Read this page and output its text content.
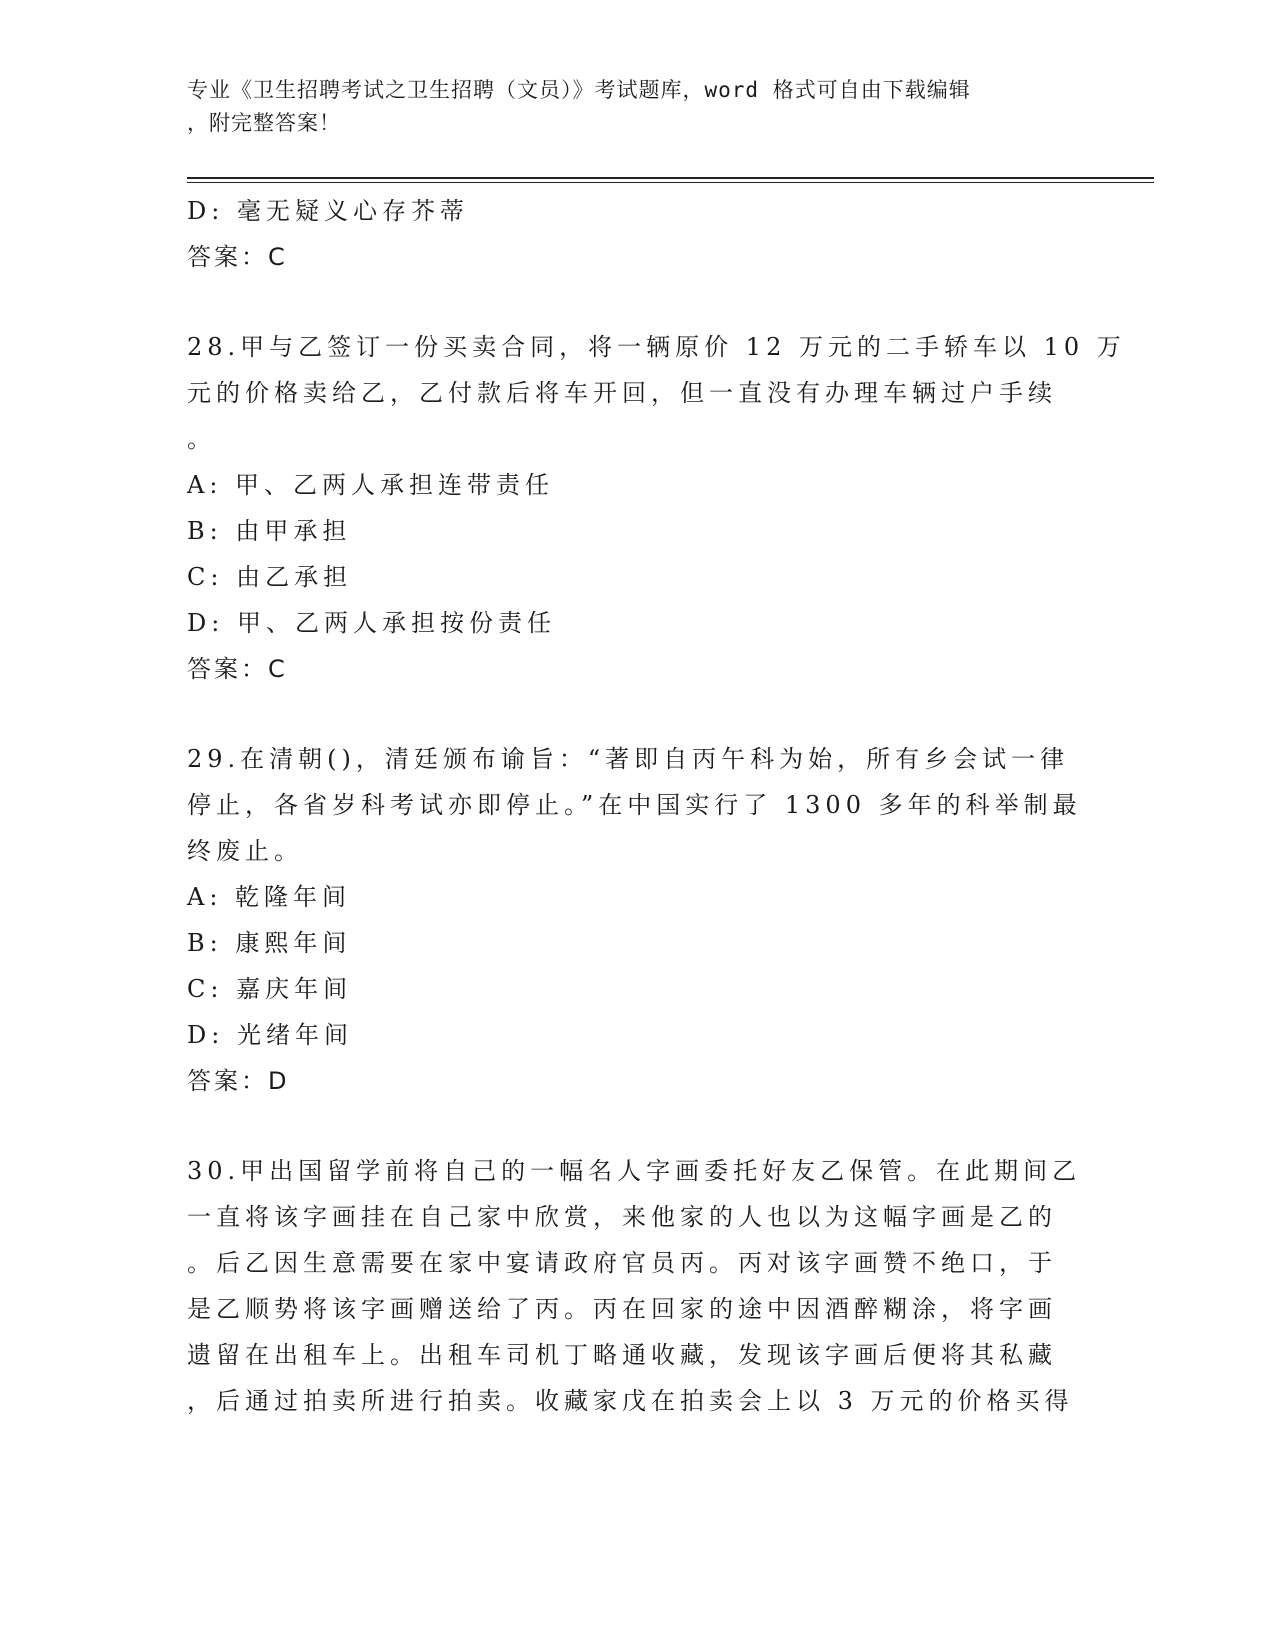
专业《卫生招聘考试之卫生招聘（文员）》考试题库，word 格式可自由下载编辑
，附完整答案！
D: 毫无疑义心存芥蒂
答案：C
28.甲与乙签订一份买卖合同，将一辆原价 12 万元的二手轿车以 10 万
元的价格卖给乙，乙付款后将车开回，但一直没有办理车辆过户手续
。
A: 甲、乙两人承担连带责任
B: 由甲承担
C: 由乙承担
D: 甲、乙两人承担按份责任
答案：C
29.在清朝()，清廷颁布谕旨：“著即自丙午科为始，所有乡会试一律
停止，各省岁科考试亦即停止。”在中国实行了 1300 多年的科举制最
终废止。
A: 乾隆年间
B: 康熙年间
C: 嘉庆年间
D: 光绪年间
答案：D
30.甲出国留学前将自己的一幅名人字画委托好友乙保管。在此期间乙
一直将该字画挂在自己家中欣赏，来他家的人也以为这幅字画是乙的
。后乙因生意需要在家中宴请政府官员丙。丙对该字画赞不绝口，于
是乙顺势将该字画赠送给了丙。丙在回家的途中因酒醉糊涂，将字画
遗留在出租车上。出租车司机丁略通收藏，发现该字画后便将其私藏
，后通过拍卖所进行拍卖。收藏家戊在拍卖会上以 3 万元的价格买得
